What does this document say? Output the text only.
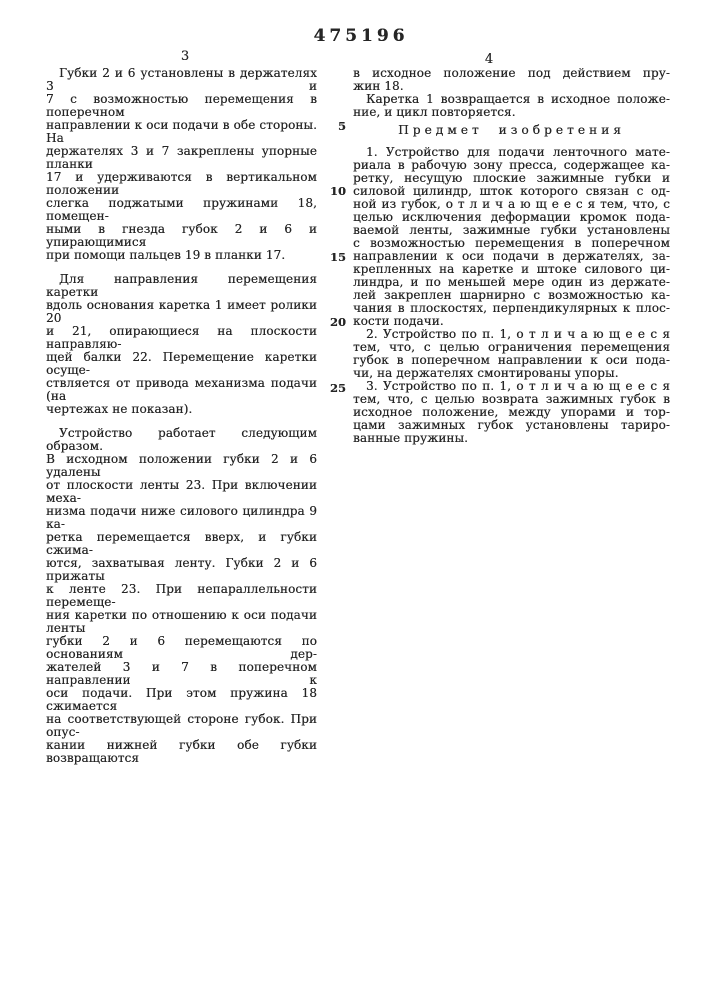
475196
3	4
5
10
15
20
25
Губки 2 и 6 установлены в держателях 3 и
7 с возможностью перемещения в поперечном
направлении к оси подачи в обе стороны. На
держателях 3 и 7 закреплены упорные планки
17 и удерживаются в вертикальном положении
слегка поджатыми пружинами 18, помещен-
ными в гнезда губок 2 и 6 и упирающимися
при помощи пальцев 19 в планки 17.
Для направления перемещения каретки
вдоль основания каретка 1 имеет ролики 20
и 21, опирающиеся на плоскости направляю-
щей балки 22. Перемещение каретки осуще-
ствляется от привода механизма подачи (на
чертежах не показан).
Устройство работает следующим образом.
В исходном положении губки 2 и 6 удалены
от плоскости ленты 23. При включении меха-
низма подачи ниже силового цилиндра 9 ка-
ретка перемещается вверх, и губки сжима-
ются, захватывая ленту. Губки 2 и 6 прижаты
к ленте 23. При непараллельности перемеще-
ния каретки по отношению к оси подачи ленты
губки 2 и 6 перемещаются по основаниям дер-
жателей 3 и 7 в поперечном направлении к
оси подачи. При этом пружина 18 сжимается
на соответствующей стороне губок. При опус-
кании нижней губки обе губки возвращаются
в исходное положение под действием пру-
жин 18.
Каретка 1 возвращается в исходное положе-
ние, и цикл повторяется.
Предмет изобретения
1. Устройство для подачи ленточного мате-
риала в рабочую зону пресса, содержащее ка-
ретку, несущую плоские зажимные губки и
силовой цилиндр, шток которого связан с од-
ной из губок, о т л и ч а ю щ е е с я тем, что, с
целью исключения деформации кромок пода-
ваемой ленты, зажимные губки установлены
с возможностью перемещения в поперечном
направлении к оси подачи в держателях, за-
крепленных на каретке и штоке силового ци-
линдра, и по меньшей мере один из держате-
лей закреплен шарнирно с возможностью ка-
чания в плоскостях, перпендикулярных к плос-
кости подачи.
2. Устройство по п. 1, о т л и ч а ю щ е е с я
тем, что, с целью ограничения перемещения
губок в поперечном направлении к оси пода-
чи, на держателях смонтированы упоры.
3. Устройство по п. 1, о т л и ч а ю щ е е с я
тем, что, с целью возврата зажимных губок в
исходное положение, между упорами и тор-
цами зажимных губок установлены тариро-
ванные пружины.
